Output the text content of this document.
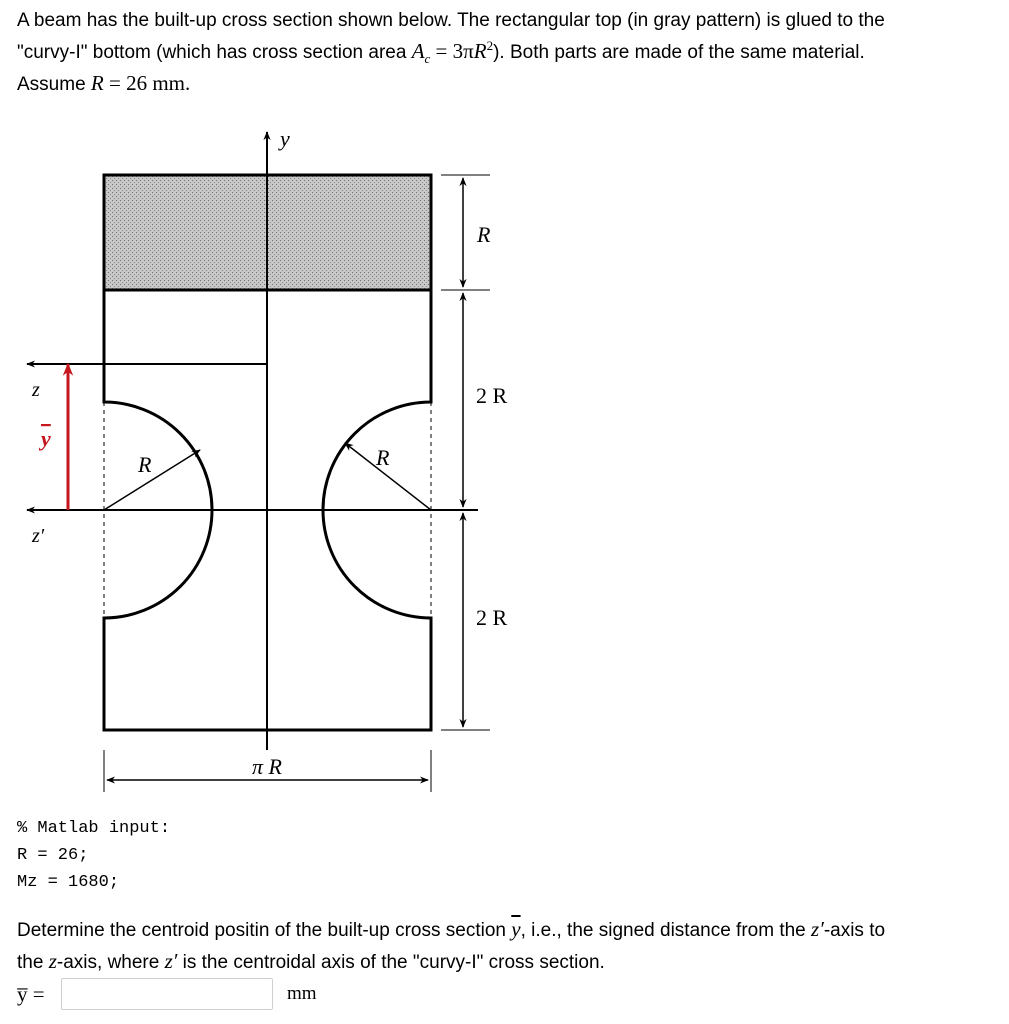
A beam has the built-up cross section shown below. The rectangular top (in gray pattern) is glued to the
"curvy-I" bottom (which has cross section area $A_c = 3\pi R^2$). Both parts are made of the same material.
Assume R = 26 mm.
y
z
z′
y
R	R
R
2 R
2 R
π R
% Matlab input:
R = 26;
Mz = 1680;
Determine the centroid positin of the built-up cross section $\overline{y}$, i.e., the signed distance from the z′-axis to
the z-axis, where z′ is the centroidal axis of the "curvy-I" cross section.
y̅ =	mm
